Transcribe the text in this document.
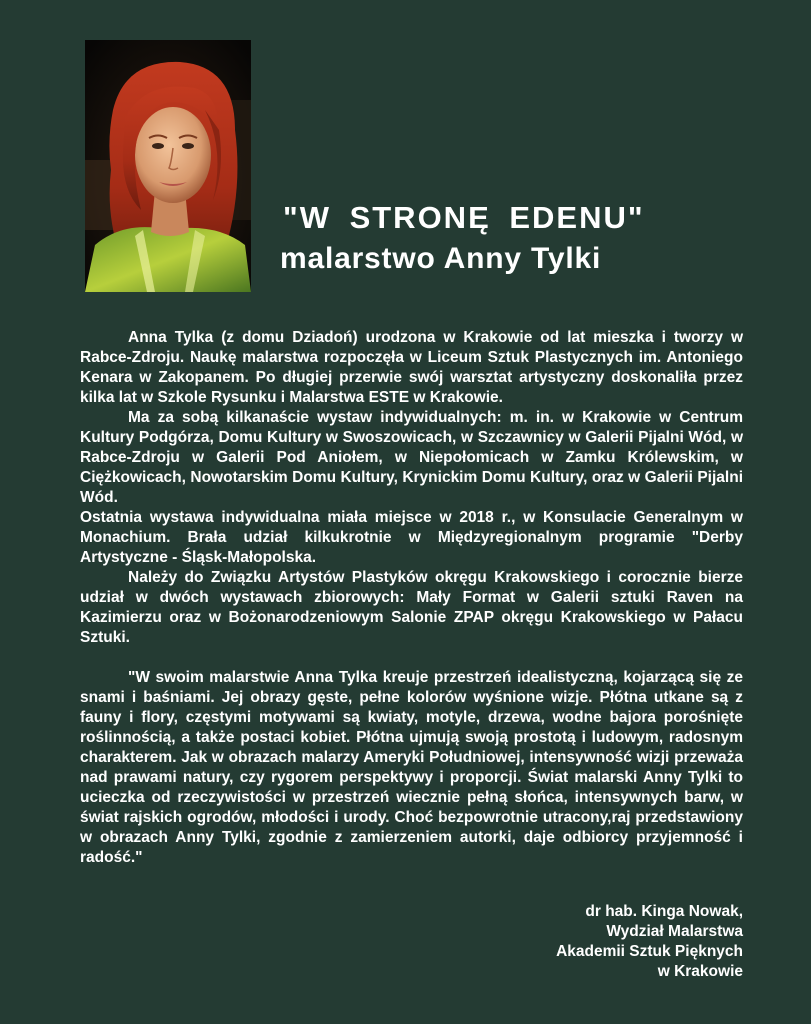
"W STRONĘ EDENU"
malarstwo Anny Tylki

Anna Tylka (z domu Dziadoń) urodzona w Krakowie od lat mieszka i tworzy w Rabce-Zdroju. Naukę malarstwa rozpoczęła w Liceum Sztuk Plastycznych im. Antoniego Kenara w Zakopanem. Po długiej przerwie swój warsztat artystyczny doskonaliła przez kilka lat w Szkole Rysunku i Malarstwa ESTE w Krakowie.

Ma za sobą kilkanaście wystaw indywidualnych: m. in. w Krakowie w Centrum Kultury Podgórza, Domu Kultury w Swoszowicach, w Szczawnicy w Galerii Pijalni Wód, w Rabce-Zdroju w Galerii Pod Aniołem, w Niepołomicach w Zamku Królewskim, w Ciężkowicach, Nowotarskim Domu Kultury, Krynickim Domu Kultury, oraz w Galerii Pijalni Wód.

Ostatnia wystawa indywidualna miała miejsce w 2018 r., w Konsulacie Generalnym w Monachium. Brała udział kilkukrotnie w Międzyregionalnym programie "Derby Artystyczne - Śląsk-Małopolska.

Należy do Związku Artystów Plastyków okręgu Krakowskiego i corocznie bierze udział w dwóch wystawach zbiorowych: Mały Format w Galerii sztuki Raven na Kazimierzu oraz w Bożonarodzeniowym Salonie ZPAP okręgu Krakowskiego w Pałacu Sztuki.

"W swoim malarstwie Anna Tylka kreuje przestrzeń idealistyczną, kojarzącą się ze snami i baśniami. Jej obrazy gęste, pełne kolorów wyśnione wizje. Płótna utkane są z fauny i flory, częstymi motywami są kwiaty, motyle, drzewa, wodne bajora porośnięte roślinnością, a także postaci kobiet. Płótna ujmują swoją prostotą i ludowym, radosnym charakterem. Jak w obrazach malarzy Ameryki Południowej, intensywność wizji przeważa nad prawami natury, czy rygorem perspektywy i proporcji. Świat malarski Anny Tylki to ucieczka od rzeczywistości w przestrzeń wiecznie pełną słońca, intensywnych barw, w świat rajskich ogrodów, młodości i urody. Choć bezpowrotnie utracony,raj przedstawiony w obrazach Anny Tylki, zgodnie z zamierzeniem autorki, daje odbiorcy przyjemność i radość."

dr hab. Kinga Nowak,
Wydział Malarstwa
Akademii Sztuk Pięknych
w Krakowie
